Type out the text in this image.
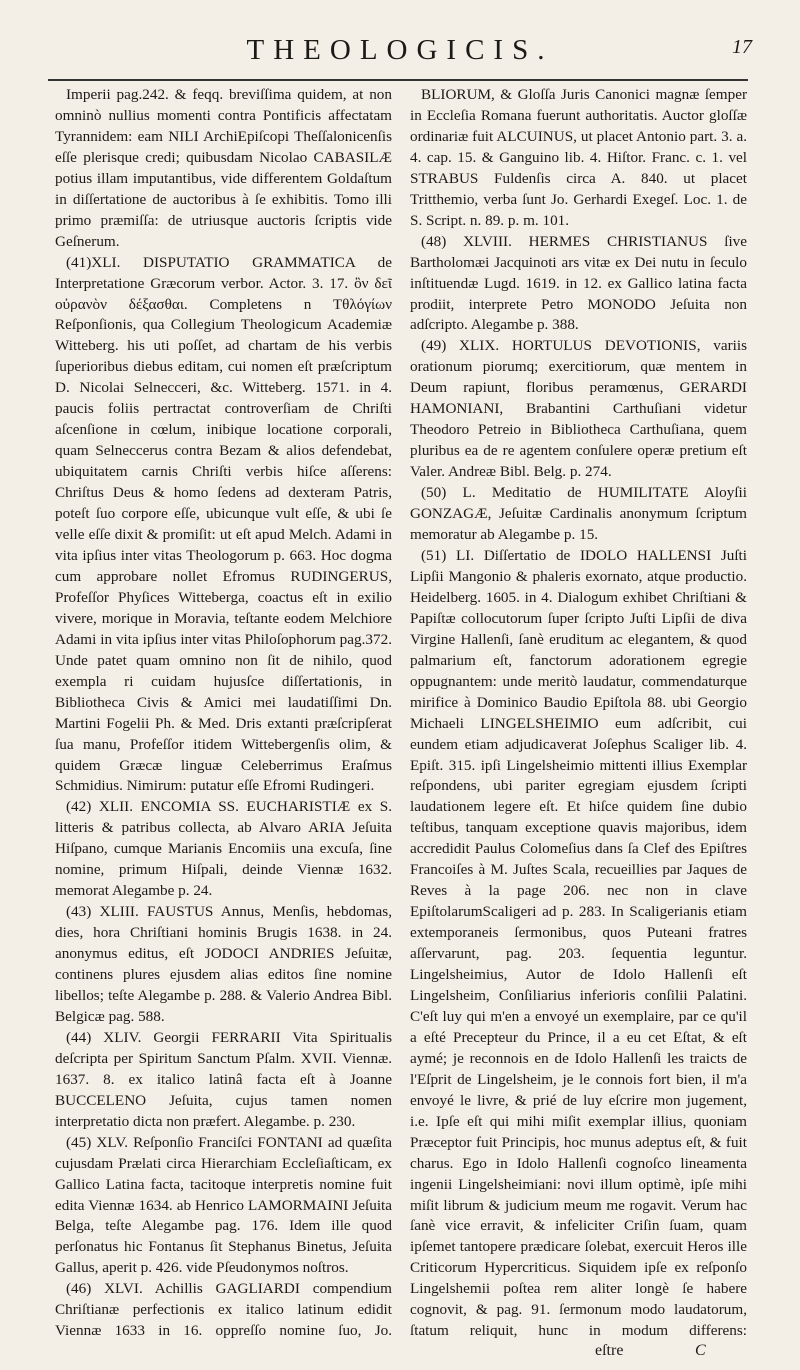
THEOLOGICIS.	17

Imperii pag.242. & feqq. breviſſima quidem, at non omninò nullius momenti contra Pontificis affectatam Tyrannidem: eam NILI ArchiEpiſcopi Theſſalonicenſis eſſe plerisque credi; quibusdam Nicolao CABASILÆ potius illam imputantibus, vide differentem Goldaſtum in diſſertatione de auctoribus à ſe exhibitis. Tomo illi primo præmiſſa: de utriusque auctoris ſcriptis vide Geſnerum.

(41)XLI. DISPUTATIO GRAMMATICA de Interpretatione Græcorum verbor. Actor. 3. 17. ὃν δεῖ οὐρανὸν δέξασθαι. Completens n Tθλόγίων Reſponſionis, qua Collegium Theologicum Academiæ Witteberg. his uti poſſet, ad chartam de his verbis ſuperioribus diebus editam, cui nomen eſt præſcriptum D. Nicolai Selnecceri, &c. Witteberg. 1571. in 4. paucis foliis pertractat controverſiam de Chriſti aſcenſione in cœlum, inibique locatione corporali, quam Selneccerus contra Bezam & alios defendebat, ubiquitatem carnis Chriſti verbis hiſce aſſerens: Chriſtus Deus & homo ſedens ad dexteram Patris, poteſt ſuo corpore eſſe, ubicunque vult eſſe, & ubi ſe velle eſſe dixit & promiſit: ut eſt apud Melch. Adami in vita ipſius inter vitas Theologorum p. 663. Hoc dogma cum approbare nollet Efromus RUDINGERUS, Profeſſor Phyſices Witteberga, coactus eſt in exilio vivere, morique in Moravia, teſtante eodem Melchiore Adami in vita ipſius inter vitas Philoſophorum pag.372. Unde patet quam omnino non ſit de nihilo, quod exempla ri cuidam hujusſce diſſertationis, in Bibliotheca Civis & Amici mei laudatiſſimi Dn. Martini Fogelii Ph. & Med. Dris extanti præſcripſerat ſua manu, Profeſſor itidem Wittebergenſis olim, & quidem Græcæ linguæ Celeberrimus Eraſmus Schmidius. Nimirum: putatur eſſe Efromi Rudingeri.

(42) XLII. ENCOMIA SS. EUCHARISTIÆ ex S. litteris & patribus collecta, ab Alvaro ARIA Jeſuita Hiſpano, cumque Marianis Encomiis una excuſa, ſine nomine, primum Hiſpali, deinde Viennæ 1632. memorat Alegambe p. 24.

(43) XLIII. FAUSTUS Annus, Menſis, hebdomas, dies, hora Chriſtiani hominis Brugis 1638. in 24. anonymus editus, eſt JODOCI ANDRIES Jeſuitæ, continens plures ejusdem alias editos ſine nomine libellos; teſte Alegambe p. 288. & Valerio Andrea Bibl. Belgicæ pag. 588.

(44) XLIV. Georgii FERRARII Vita Spiritualis deſcripta per Spiritum Sanctum Pſalm. XVII. Viennæ. 1637. 8. ex italico latinâ facta eſt à Joanne BUCCELENO Jeſuita, cujus tamen nomen interpretatio dicta non præfert. Alegambe. p. 230.

(45) XLV. Reſponſio Franciſci FONTANI ad quæſita cujusdam Prælati circa Hierarchiam Eccleſiaſticam, ex Gallico Latina facta, tacitoque interpretis nomine fuit edita Viennæ 1634. ab Henrico LAMORMAINI Jeſuita Belga, teſte Alegambe pag. 176. Idem ille quod perſonatus hic Fontanus ſit Stephanus Binetus, Jeſuita Gallus, aperit p. 426. vide Pſeudonymos noſtros.

(46) XLVI. Achillis GAGLIARDI compendium Chriſtianæ perfectionis ex italico latinum edidit Viennæ 1633 in 16. oppreſſo nomine ſuo, Jo.

BLIORUM, & Gloſſa Juris Canonici magnæ ſemper in Eccleſia Romana fuerunt authoritatis. Auctor gloſſæ ordinariæ fuit ALCUINUS, ut placet Antonio part. 3. a. 4. cap. 15. & Ganguino lib. 4. Hiſtor. Franc. c. 1. vel STRABUS Fuldenſis circa A. 840. ut placet Tritthemio, verba ſunt Jo. Gerhardi Exegeſ. Loc. 1. de S. Script. n. 89. p. m. 101.

(48) XLVIII. HERMES CHRISTIANUS ſive Bartholomæi Jacquinoti ars vitæ ex Dei nutu in ſeculo inſtituendæ Lugd. 1619. in 12. ex Gallico latina facta prodiit, interprete Petro MONODO Jeſuita non adſcripto. Alegambe p. 388.

(49) XLIX. HORTULUS DEVOTIONIS, variis orationum piorumq; exercitiorum, quæ mentem in Deum rapiunt, floribus peramœnus, GERARDI HAMONIANI, Brabantini Carthuſiani videtur Theodoro Petreio in Bibliotheca Carthuſiana, quem pluribus ea de re agentem conſulere operæ pretium eſt Valer. Andreæ Bibl. Belg. p. 274.

(50) L. Meditatio de HUMILITATE Aloyſii GONZAGÆ, Jeſuitæ Cardinalis anonymum ſcriptum memoratur ab Alegambe p. 15.

(51) LI. Diſſertatio de IDOLO HALLENSI Juſti Lipſii Mangonio & phaleris exornato, atque productio. Heidelberg. 1605. in 4. Dialogum exhibet Chriſtiani & Papiſtæ collocutorum ſuper ſcripto Juſti Lipſii de diva Virgine Hallenſi, ſanè eruditum ac elegantem, & quod palmarium eſt, fanctorum adorationem egregie oppugnantem: unde meritò laudatur, commendaturque mirifice à Dominico Baudio Epiſtola 88. ubi Georgio Michaeli LINGELSHEIMIO eum adſcribit, cui eundem etiam adjudicaverat Joſephus Scaliger lib. 4. Epiſt. 315. ipſi Lingelsheimio mittenti illius Exemplar reſpondens, ubi pariter egregiam ejusdem ſcripti laudationem legere eſt. Et hiſce quidem ſine dubio teſtibus, tanquam exceptione quavis majoribus, idem accredidit Paulus Colomeſius dans ſa Clef des Epiſtres Francoiſes à M. Juſtes Scala, recueillies par Jaques de Reves à la page 206. nec non in clave EpiſtolarumScaligeri ad p. 283. In Scaligerianis etiam extemporaneis ſermonibus, quos Puteani fratres aſſervarunt, pag. 203. ſequentia leguntur. Lingelsheimius, Autor de Idolo Hallenſi eſt Lingelsheim, Conſiliarius inferioris conſilii Palatini. C'eſt luy qui m'en a envoyé un exemplaire, par ce qu'il a eſté Precepteur du Prince, il a eu cet Eſtat, & eſt aymé; je reconnois en de Idolo Hallenſi les traicts de l'Eſprit de Lingelsheim, je le connois fort bien, il m'a envoyé le livre, & prié de luy eſcrire mon jugement, i.e. Ipſe eſt qui mihi miſit exemplar illius, quoniam Præceptor fuit Principis, hoc munus adeptus eſt, & fuit charus. Ego in Idolo Hallenſi cognoſco lineamenta ingenii Lingelsheimiani: novi illum optimè, ipſe mihi miſit librum & judicium meum me rogavit. Verum hac ſanè vice erravit, & infeliciter Criſin ſuam, quam ipſemet tantopere prædicare ſolebat, exercuit Heros ille Criticorum Hypercriticus. Siquidem ipſe ex reſponſo Lingelshemii poſtea rem aliter longè ſe habere cognovit, & pag. 91. ſermonum modo laudatorum, ſtatum reliquit, hunc in modum differens:

C
eſtre
